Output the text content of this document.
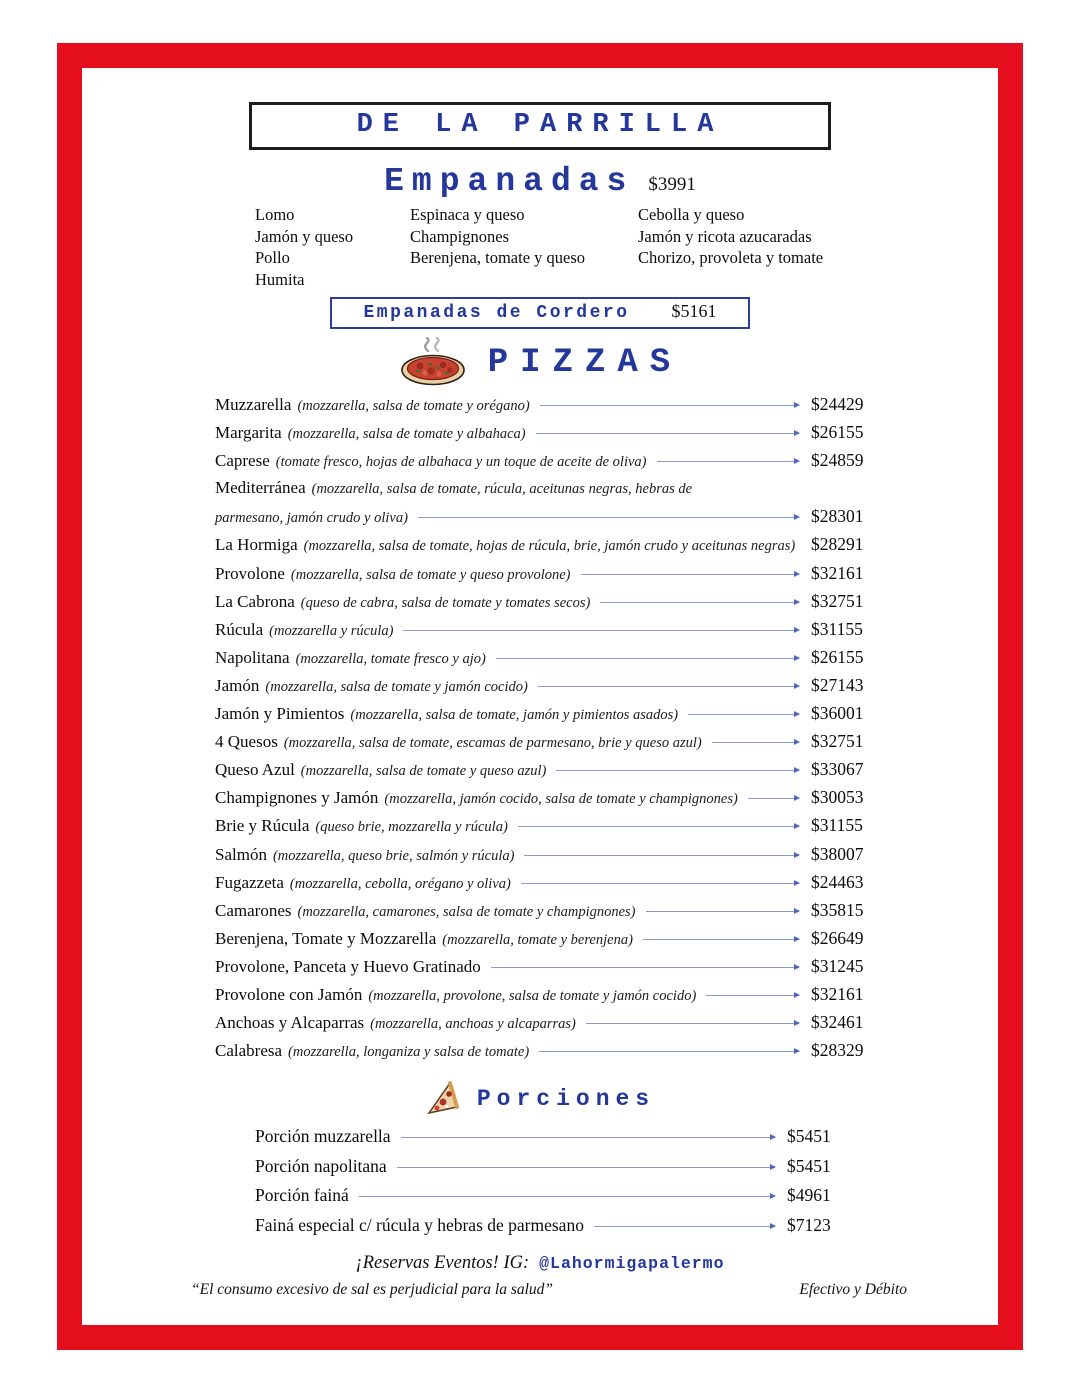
DE LA PARRILLA
Empanadas $3991
Lomo
Jamón y queso
Pollo
Humita
Espinaca y queso
Champignones
Berenjena, tomate y queso
Cebolla y queso
Jamón y ricota azucaradas
Chorizo, provoleta y tomate
Empanadas de Cordero $5161
PIZZAS
Muzzarella (mozzarella, salsa de tomate y orégano)	$24429
Margarita (mozzarella, salsa de tomate y albahaca)	$26155
Caprese (tomate fresco, hojas de albahaca y un toque de aceite de oliva)	$24859
Mediterránea (mozzarella, salsa de tomate, rúcula, aceitunas negras, hebras de
parmesano, jamón crudo y oliva)	$28301
La Hormiga (mozzarella, salsa de tomate, hojas de rúcula, brie, jamón crudo y aceitunas negras) $28291
Provolone (mozzarella, salsa de tomate y queso provolone)	$32161
La Cabrona (queso de cabra, salsa de tomate y tomates secos)	$32751
Rúcula (mozzarella y rúcula)	$31155
Napolitana (mozzarella, tomate fresco y ajo)	$26155
Jamón (mozzarella, salsa de tomate y jamón cocido)	$27143
Jamón y Pimientos (mozzarella, salsa de tomate, jamón y pimientos asados)	$36001
4 Quesos (mozzarella, salsa de tomate, escamas de parmesano, brie y queso azul)	$32751
Queso Azul (mozzarella, salsa de tomate y queso azul)	$33067
Champignones y Jamón (mozzarella, jamón cocido, salsa de tomate y champignones)	$30053
Brie y Rúcula (queso brie, mozzarella y rúcula)	$31155
Salmón (mozzarella, queso brie, salmón y rúcula)	$38007
Fugazzeta (mozzarella, cebolla, orégano y oliva)	$24463
Camarones (mozzarella, camarones, salsa de tomate y champignones)	$35815
Berenjena, Tomate y Mozzarella (mozzarella, tomate y berenjena)	$26649
Provolone, Panceta y Huevo Gratinado	$31245
Provolone con Jamón (mozzarella, provolone, salsa de tomate y jamón cocido)	$32161
Anchoas y Alcaparras (mozzarella, anchoas y alcaparras)	$32461
Calabresa (mozzarella, longaniza y salsa de tomate)	$28329
Porciones
Porción muzzarella	$5451
Porción napolitana	$5451
Porción fainá	$4961
Fainá especial c/ rúcula y hebras de parmesano	$7123
¡Reservas Eventos! IG: @Lahormigapalermo
“El consumo excesivo de sal es perjudicial para la salud”	Efectivo y Débito
